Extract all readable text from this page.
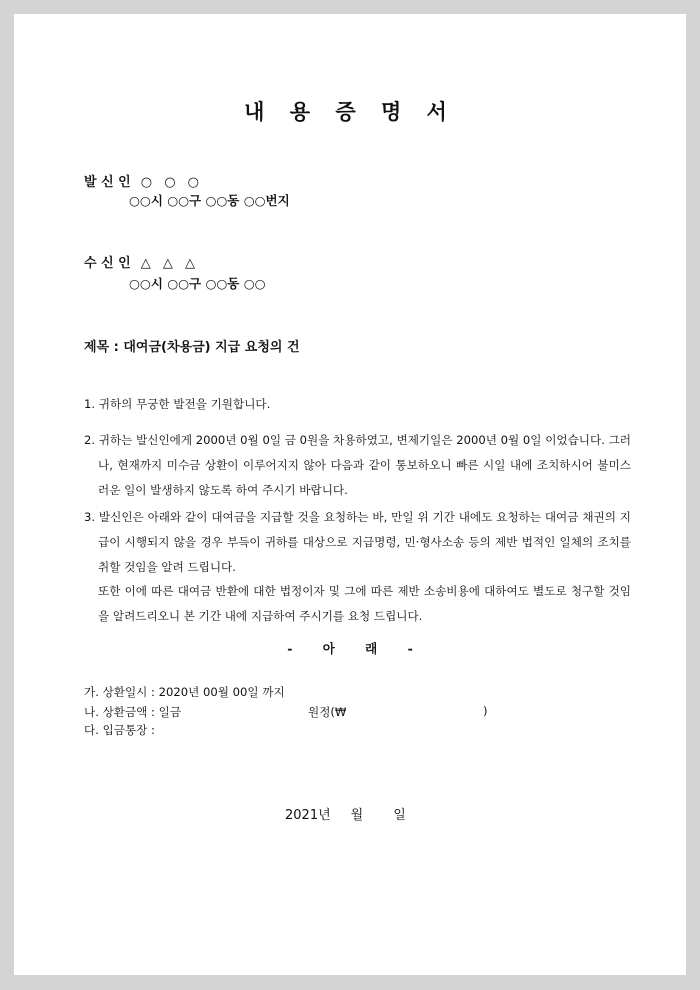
내 용 증 명 서
발 신 인 ○ ○ ○
○○시 ○○구 ○○동 ○○번지
수 신 인 △ △ △
○○시 ○○구 ○○동 ○○
제목 : 대여금(차용금) 지급 요청의 건
1. 귀하의 무궁한 발전을 기원합니다.
2. 귀하는 발신인에게 2000년 0월 0일 금 0원을 차용하였고, 변제기일은 2000년 0월 0일 이었습니다. 그러나, 현재까지 미수금 상환이 이루어지지 않아 다음과 같이 통보하오니 빠른 시일 내에 조치하시어 불미스러운 일이 발생하지 않도록 하여 주시기 바랍니다.
3. 발신인은 아래와 같이 대여금을 지급할 것을 요청하는 바, 만일 위 기간 내에도 요청하는 대여금 채권의 지급이 시행되지 않을 경우 부득이 귀하를 대상으로 지급명령, 민·형사소송 등의 제반 법적인 일체의 조치를 취할 것임을 알려 드립니다.
또한 이에 따른 대여금 반환에 대한 법정이자 및 그에 따른 제반 소송비용에 대하여도 별도로 청구할 것임을 알려드리오니 본 기간 내에 지급하여 주시기를 요청 드립니다.
- 아 래 -
가. 상환일시 : 2020년 00월 00일 까지
나. 상환금액 : 일금	원정(₩	)
다. 입금통장 :
2021년 월 일
